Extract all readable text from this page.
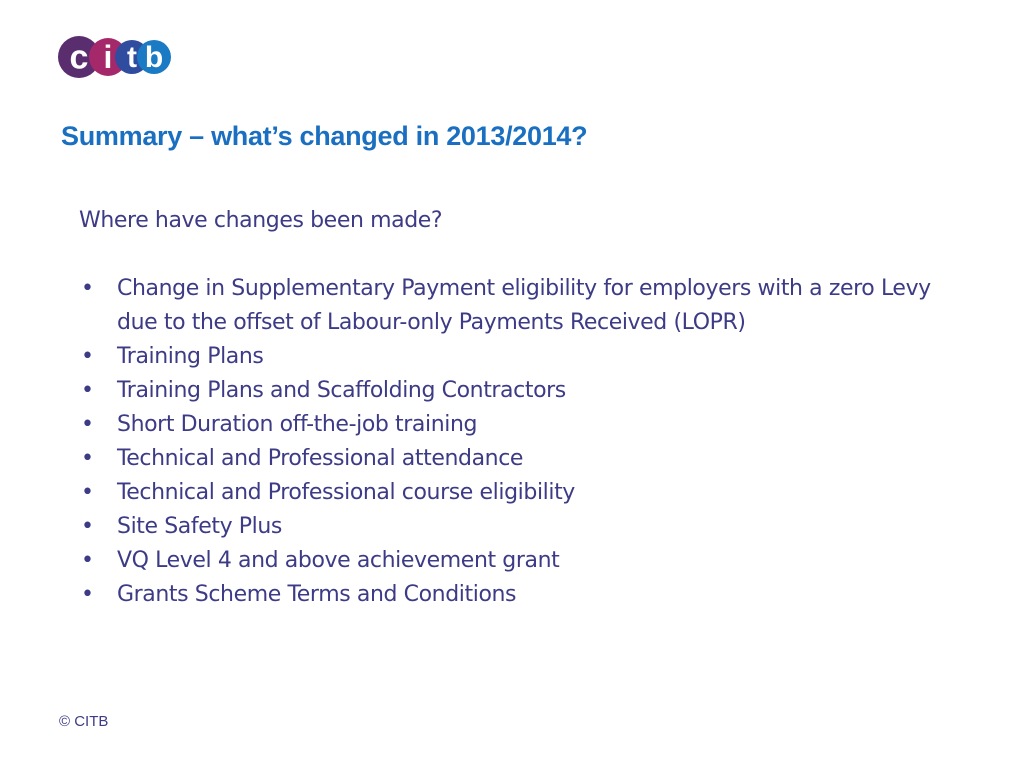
c i t b
Summary – what’s changed in 2013/2014?

Where have changes been made?

• Change in Supplementary Payment eligibility for employers with a zero Levy due to the offset of Labour-only Payments Received (LOPR)
• Training Plans
• Training Plans and Scaffolding Contractors
• Short Duration off-the-job training
• Technical and Professional attendance
• Technical and Professional course eligibility
• Site Safety Plus
• VQ Level 4 and above achievement grant
• Grants Scheme Terms and Conditions
© CITB
